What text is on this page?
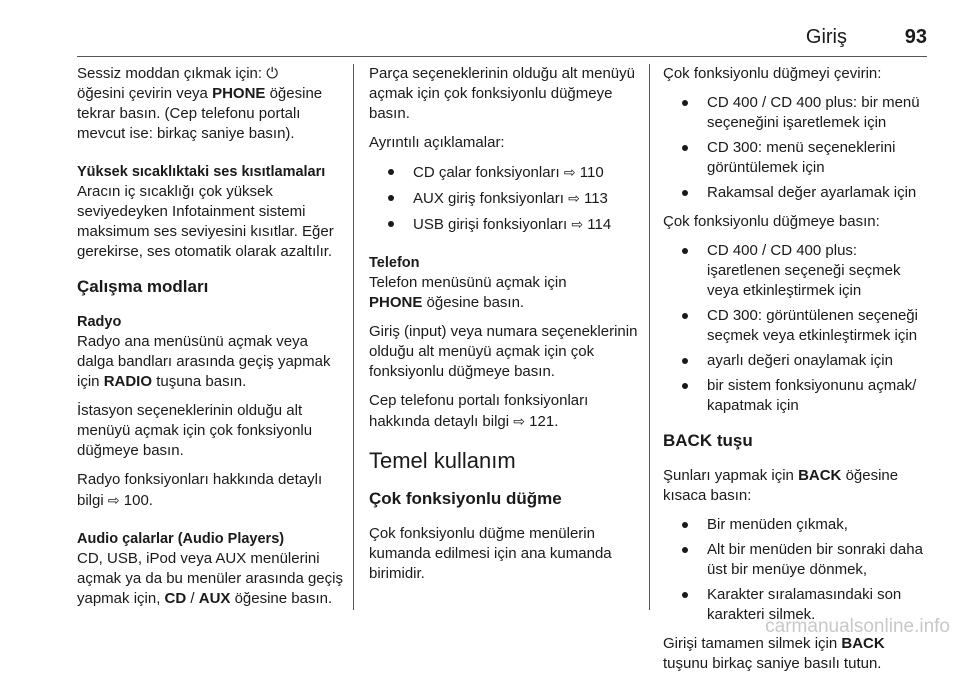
Giriş	93

Sessiz moddan çıkmak için: ⏻
öğesini çevirin veya PHONE öğesine tekrar basın. (Cep telefonu portalı mevcut ise: birkaç saniye basın).

Yüksek sıcaklıktaki ses kısıtlamaları

Aracın iç sıcaklığı çok yüksek seviyedeyken Infotainment sistemi maksimum ses seviyesini kısıtlar. Eğer gerekirse, ses otomatik olarak azaltılır.

Çalışma modları
Radyo

Radyo ana menüsünü açmak veya dalga bandları arasında geçiş yapmak için RADIO tuşuna basın.

İstasyon seçeneklerinin olduğu alt menüyü açmak için çok fonksiyonlu düğmeye basın.

Radyo fonksiyonları hakkında detaylı bilgi ⇨ 100.

Audio çalarlar (Audio Players)

CD, USB, iPod veya AUX menülerini açmak ya da bu menüler arasında geçiş yapmak için, CD / AUX öğesine basın.

Parça seçeneklerinin olduğu alt menüyü açmak için çok fonksiyonlu düğmeye basın.

Ayrıntılı açıklamalar:

CD çalar fonksiyonları ⇨ 110
AUX giriş fonksiyonları ⇨ 113
USB girişi fonksiyonları ⇨ 114
Telefon

Telefon menüsünü açmak için
PHONE öğesine basın.

Giriş (input) veya numara seçeneklerinin olduğu alt menüyü açmak için çok fonksiyonlu düğmeye basın.

Cep telefonu portalı fonksiyonları hakkında detaylı bilgi ⇨ 121.

Temel kullanım
Çok fonksiyonlu düğme

Çok fonksiyonlu düğme menülerin kumanda edilmesi için ana kumanda birimidir.

Çok fonksiyonlu düğmeyi çevirin:

CD 400 / CD 400 plus: bir menü seçeneğini işaretlemek için
CD 300: menü seçeneklerini görüntülemek için
Rakamsal değer ayarlamak için

Çok fonksiyonlu düğmeye basın:

CD 400 / CD 400 plus: işaretlenen seçeneği seçmek veya etkinleştirmek için
CD 300: görüntülenen seçeneği seçmek veya etkinleştirmek için
ayarlı değeri onaylamak için
bir sistem fonksiyonunu açmak/ kapatmak için
BACK tuşu

Şunları yapmak için BACK öğesine kısaca basın:

Bir menüden çıkmak,
Alt bir menüden bir sonraki daha üst bir menüye dönmek,
Karakter sıralamasındaki son karakteri silmek.

Girişi tamamen silmek için BACK
tuşunu birkaç saniye basılı tutun.

carmanualsonline.info
